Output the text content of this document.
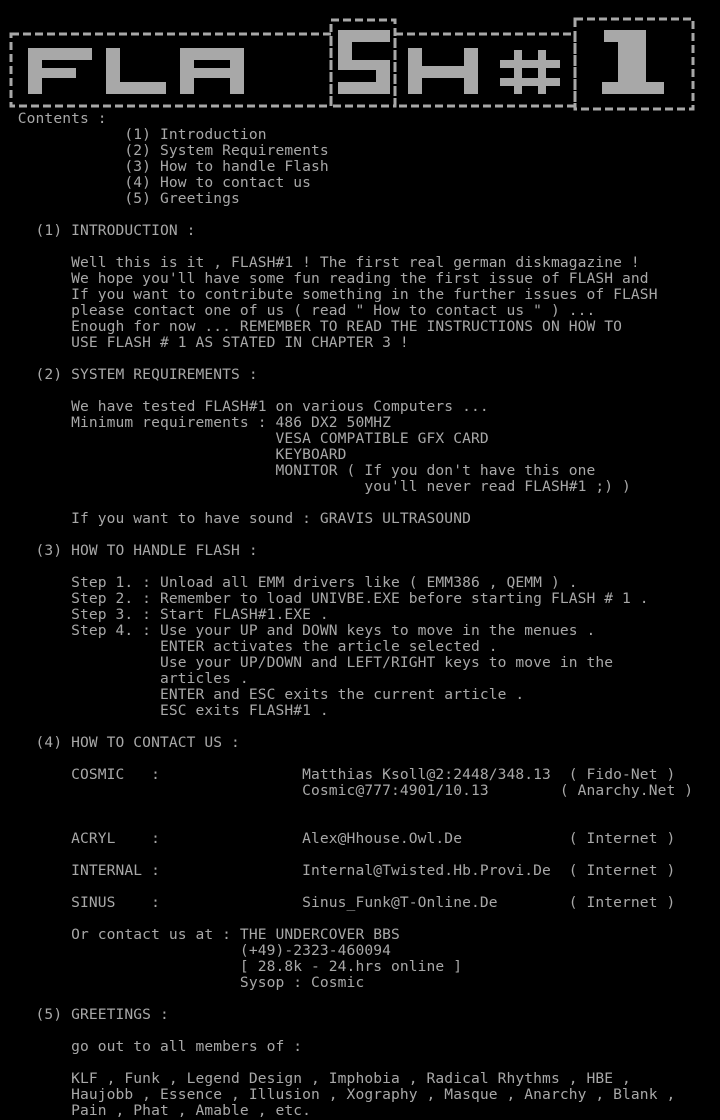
Contents :
(1) Introduction
(2) System Requirements
(3) How to handle Flash
(4) How to contact us
(5) Greetings
(1) INTRODUCTION :
Well this is it , FLASH#1 ! The first real german diskmagazine !
We hope you'll have some fun reading the first issue of FLASH and
If you want to contribute something in the further issues of FLASH
please contact one of us ( read " How to contact us " ) ...
Enough for now ... REMEMBER TO READ THE INSTRUCTIONS ON HOW TO
USE FLASH # 1 AS STATED IN CHAPTER 3 !
(2) SYSTEM REQUIREMENTS :
We have tested FLASH#1 on various Computers ...
Minimum requirements : 486 DX2 50MHZ
VESA COMPATIBLE GFX CARD
KEYBOARD
MONITOR ( If you don't have this one
you'll never read FLASH#1 ;) )
If you want to have sound : GRAVIS ULTRASOUND
(3) HOW TO HANDLE FLASH :
Step 1. : Unload all EMM drivers like ( EMM386 , QEMM ) .
Step 2. : Remember to load UNIVBE.EXE before starting FLASH # 1 .
Step 3. : Start FLASH#1.EXE .
Step 4. : Use your UP and DOWN keys to move in the menues .
ENTER activates the article selected .
Use your UP/DOWN and LEFT/RIGHT keys to move in the
articles .
ENTER and ESC exits the current article .
ESC exits FLASH#1 .
(4) HOW TO CONTACT US :
COSMIC   :                Matthias Ksoll@2:2448/348.13  ( Fido-Net )
Cosmic@777:4901/10.13        ( Anarchy.Net )
ACRYL    :                Alex@Hhouse.Owl.De            ( Internet )
INTERNAL :                Internal@Twisted.Hb.Provi.De  ( Internet )
SINUS    :                Sinus_Funk@T-Online.De        ( Internet )
Or contact us at : THE UNDERCOVER BBS
(+49)-2323-460094
[ 28.8k - 24.hrs online ]
Sysop : Cosmic
(5) GREETINGS :
go out to all members of :
KLF , Funk , Legend Design , Imphobia , Radical Rhythms , HBE ,
Haujobb , Essence , Illusion , Xography , Masque , Anarchy , Blank ,
Pain , Phat , Amable , etc.
